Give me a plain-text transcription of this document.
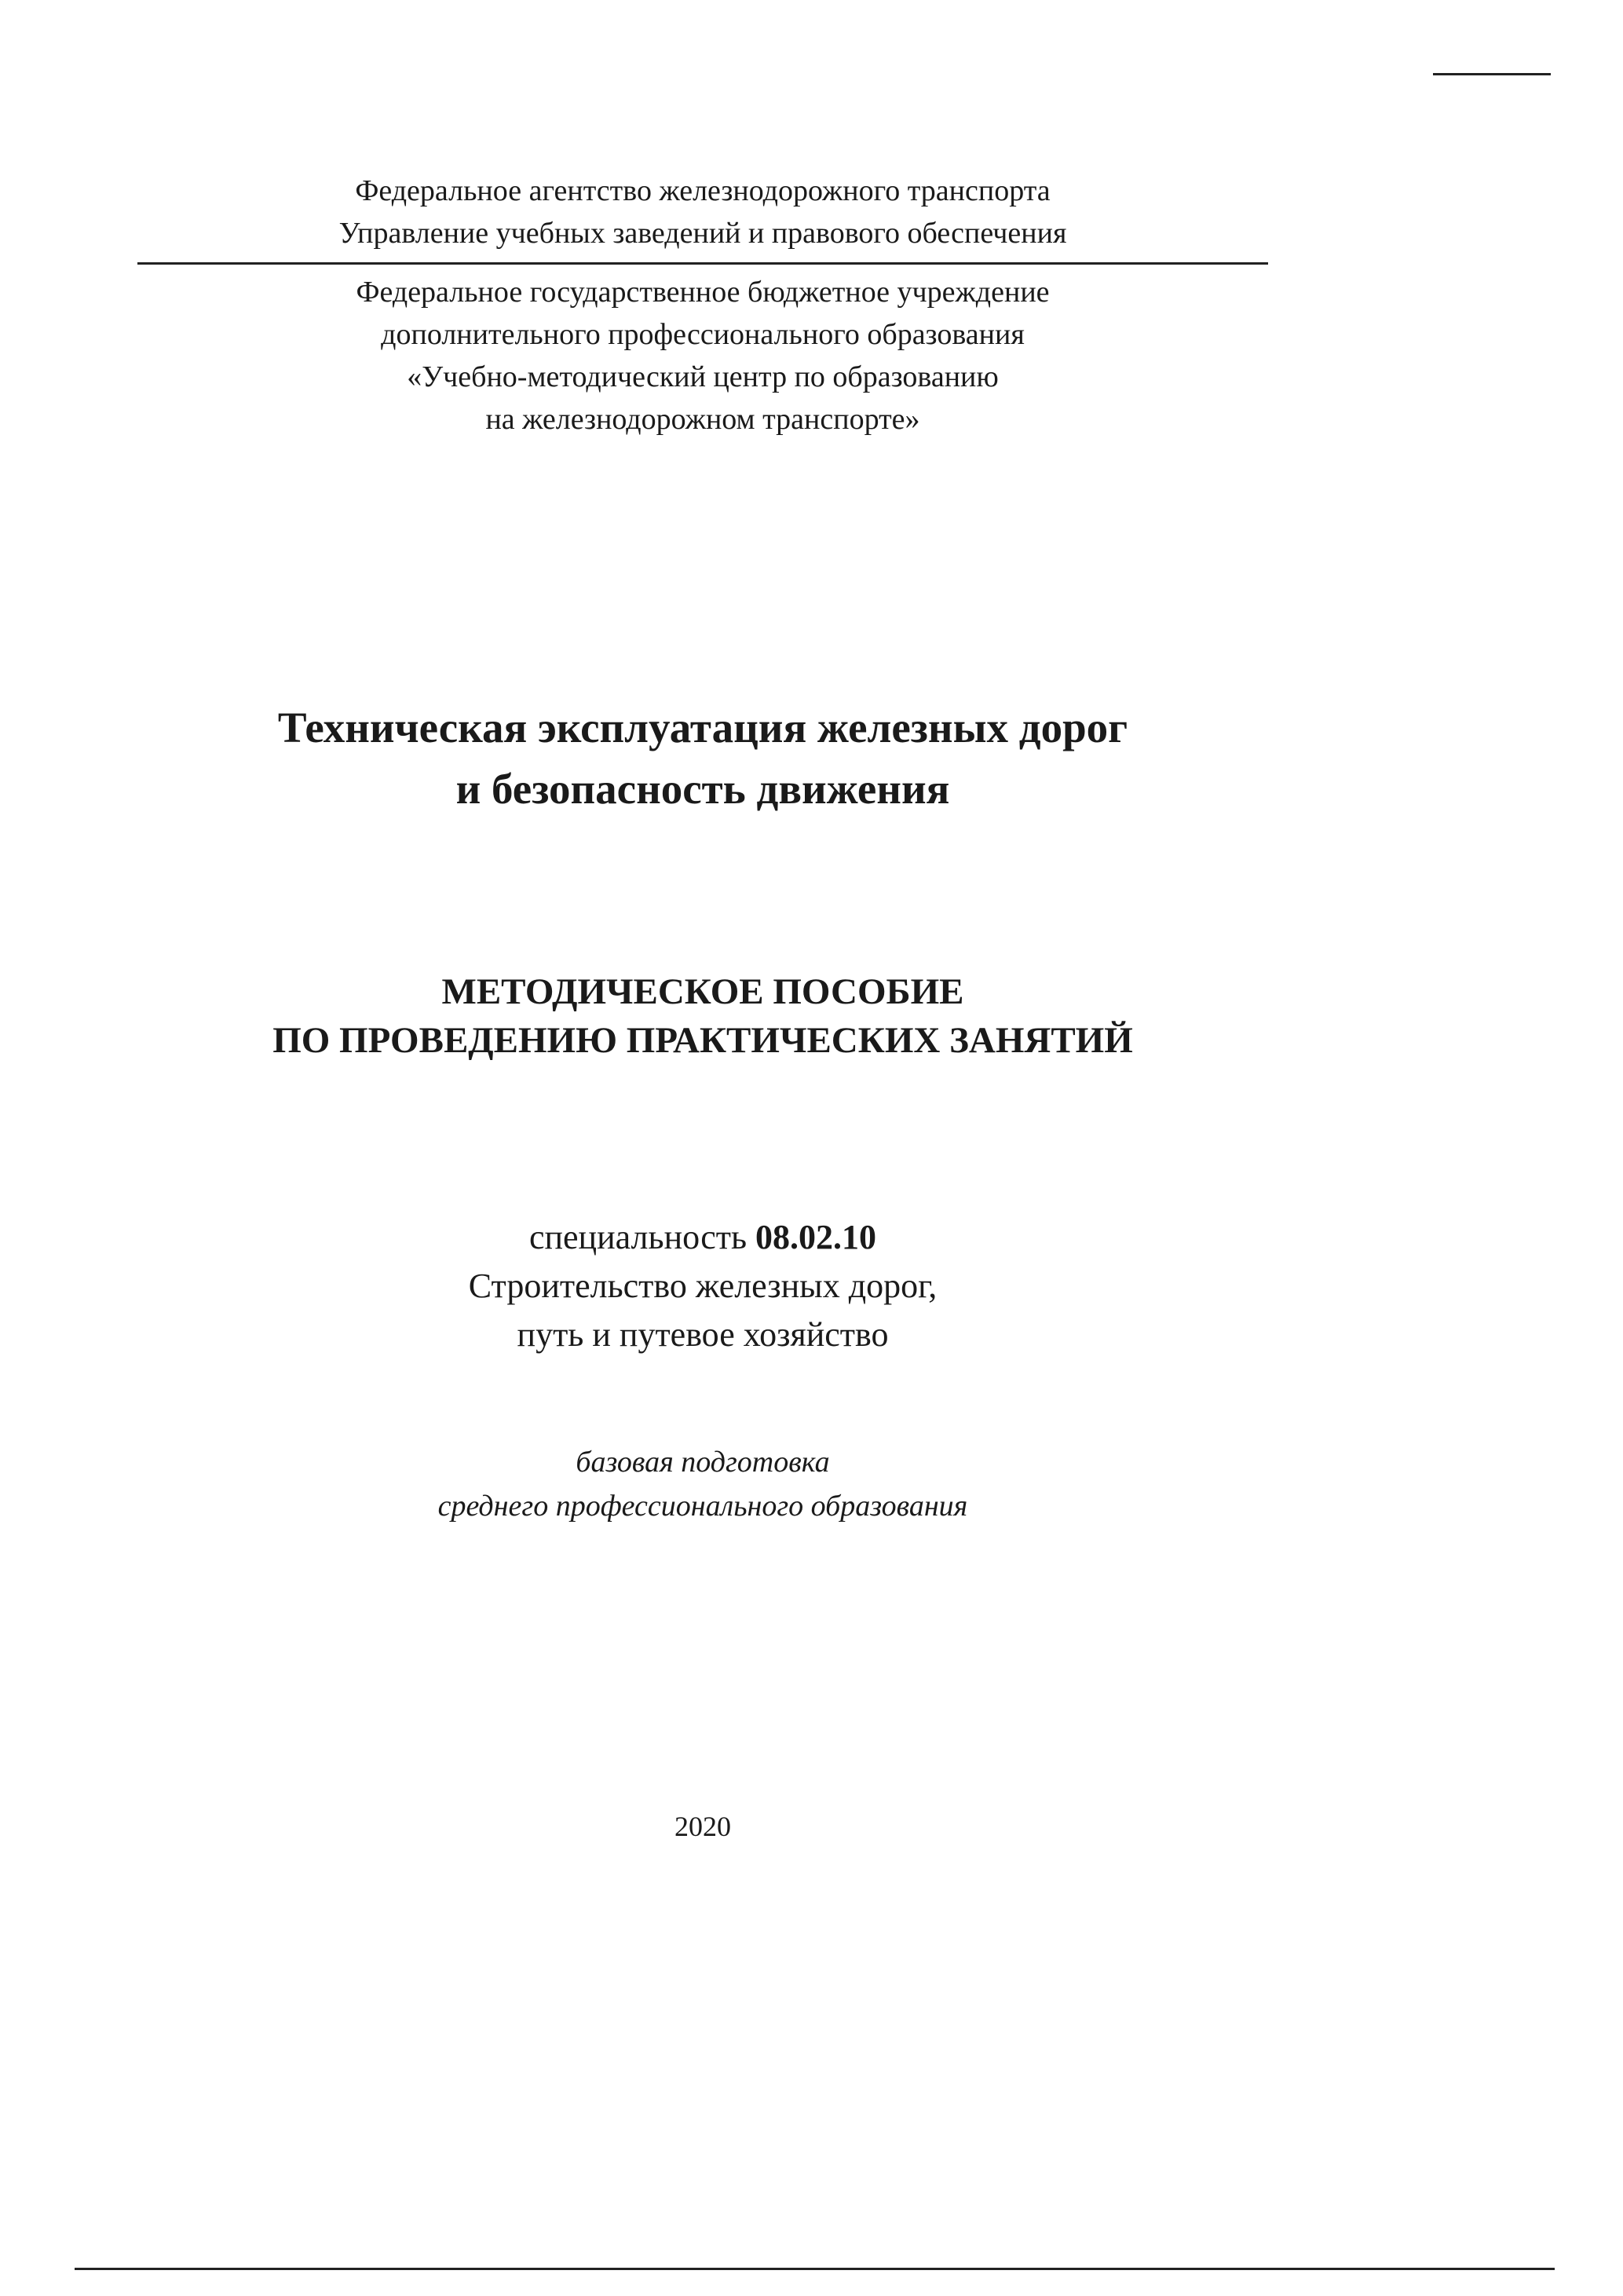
Федеральное агентство железнодорожного транспорта
Управление учебных заведений и правового обеспечения
Федеральное государственное бюджетное учреждение
дополнительного профессионального образования
«Учебно-методический центр по образованию
на железнодорожном транспорте»
Техническая эксплуатация железных дорог
и безопасность движения
МЕТОДИЧЕСКОЕ ПОСОБИЕ
ПО ПРОВЕДЕНИЮ ПРАКТИЧЕСКИХ ЗАНЯТИЙ
специальность 08.02.10
Строительство железных дорог,
путь и путевое хозяйство
базовая подготовка
среднего профессионального образования
2020
